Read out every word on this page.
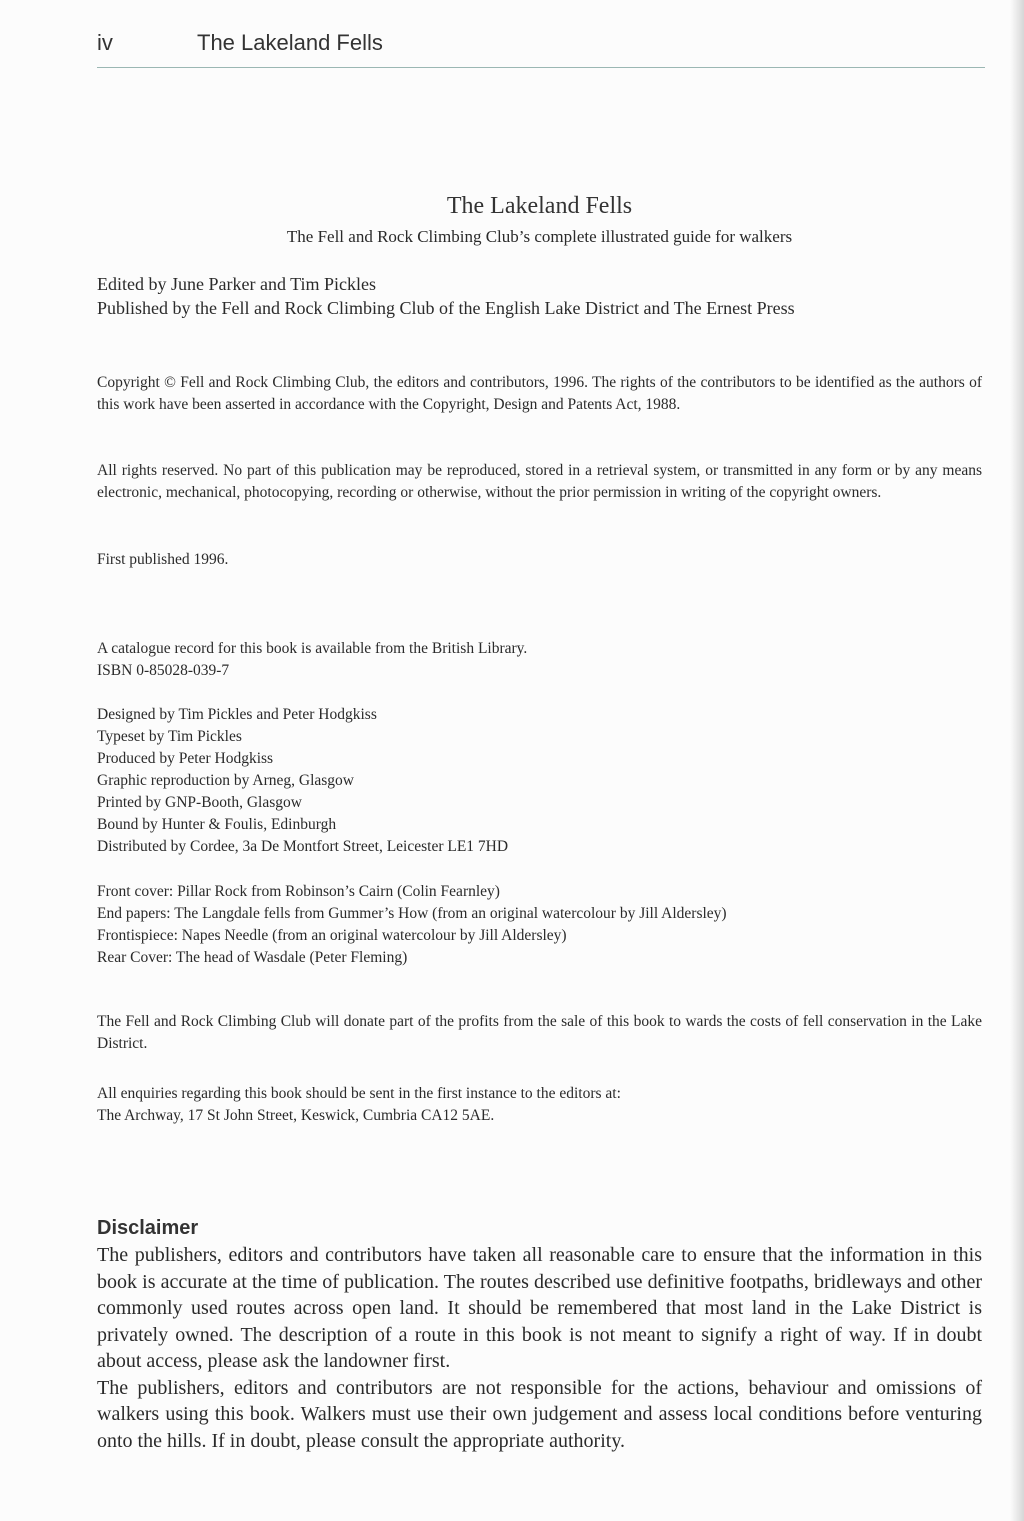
iv	The Lakeland Fells
The Lakeland Fells
The Fell and Rock Climbing Club’s complete illustrated guide for walkers
Edited by June Parker and Tim Pickles
Published by the Fell and Rock Climbing Club of the English Lake District and The Ernest Press
Copyright © Fell and Rock Climbing Club, the editors and contributors, 1996. The rights of the contributors to be identified as the authors of this work have been asserted in accordance with the Copyright, Design and Patents Act, 1988.
All rights reserved. No part of this publication may be reproduced, stored in a retrieval system, or transmitted in any form or by any means electronic, mechanical, photocopying, recording or otherwise, without the prior permission in writing of the copyright owners.
First published 1996.
A catalogue record for this book is available from the British Library.
ISBN 0-85028-039-7
Designed by Tim Pickles and Peter Hodgkiss
Typeset by Tim Pickles
Produced by Peter Hodgkiss
Graphic reproduction by Arneg, Glasgow
Printed by GNP-Booth, Glasgow
Bound by Hunter & Foulis, Edinburgh
Distributed by Cordee, 3a De Montfort Street, Leicester LE1 7HD
Front cover: Pillar Rock from Robinson’s Cairn (Colin Fearnley)
End papers: The Langdale fells from Gummer’s How (from an original watercolour by Jill Aldersley)
Frontispiece: Napes Needle (from an original watercolour by Jill Aldersley)
Rear Cover: The head of Wasdale (Peter Fleming)
The Fell and Rock Climbing Club will donate part of the profits from the sale of this book to wards the costs of fell conservation in the Lake District.
All enquiries regarding this book should be sent in the first instance to the editors at:
The Archway, 17 St John Street, Keswick, Cumbria CA12 5AE.
Disclaimer
The publishers, editors and contributors have taken all reasonable care to ensure that the information in this book is accurate at the time of publication. The routes described use definitive footpaths, bridleways and other commonly used routes across open land. It should be remembered that most land in the Lake District is privately owned. The description of a route in this book is not meant to signify a right of way. If in doubt about access, please ask the landowner first.
The publishers, editors and contributors are not responsible for the actions, behaviour and omissions of walkers using this book. Walkers must use their own judgement and assess local conditions before venturing onto the hills. If in doubt, please consult the appropriate authority.
